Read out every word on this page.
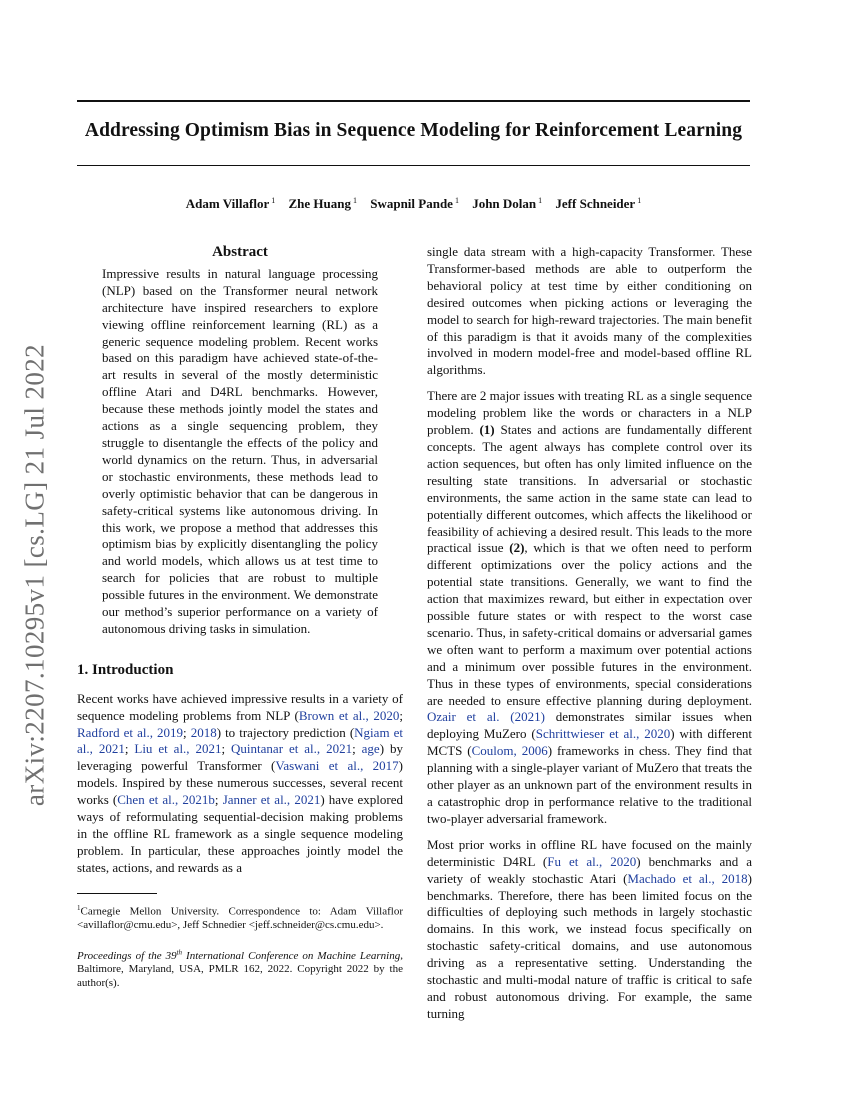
Addressing Optimism Bias in Sequence Modeling for Reinforcement Learning
Adam Villaflor $^1$ Zhe Huang $^1$ Swapnil Pande $^1$ John Dolan $^1$ Jeff Schneider $^1$
arXiv:2207.10295v1 [cs.LG] 21 Jul 2022
Abstract
Impressive results in natural language processing (NLP) based on the Transformer neural network architecture have inspired researchers to explore viewing offline reinforcement learning (RL) as a generic sequence modeling problem. Recent works based on this paradigm have achieved state-of-the-art results in several of the mostly deterministic offline Atari and D4RL benchmarks. However, because these methods jointly model the states and actions as a single sequencing problem, they struggle to disentangle the effects of the policy and world dynamics on the return. Thus, in adversarial or stochastic environments, these methods lead to overly optimistic behavior that can be dangerous in safety-critical systems like autonomous driving. In this work, we propose a method that addresses this optimism bias by explicitly disentangling the policy and world models, which allows us at test time to search for policies that are robust to multiple possible futures in the environment. We demonstrate our method’s superior performance on a variety of autonomous driving tasks in simulation.
1. Introduction

Recent works have achieved impressive results in a variety of sequence modeling problems from NLP (Brown et al., 2020; Radford et al., 2019; 2018) to trajectory prediction (Ngiam et al., 2021; Liu et al., 2021; Quintanar et al., 2021; age) by leveraging powerful Transformer (Vaswani et al., 2017) models. Inspired by these numerous successes, several recent works (Chen et al., 2021b; Janner et al., 2021) have explored ways of reformulating sequential-decision making problems in the offline RL framework as a single sequence modeling problem. In particular, these approaches jointly model the states, actions, and rewards as a

$^1$Carnegie Mellon University. Correspondence to: Adam Villaflor <avillaflor@cmu.edu>, Jeff Schnedier <jeff.schneider@cs.cmu.edu>.
Proceedings of the 39th International Conference on Machine Learning, Baltimore, Maryland, USA, PMLR 162, 2022. Copyright 2022 by the author(s).

single data stream with a high-capacity Transformer. These Transformer-based methods are able to outperform the behavioral policy at test time by either conditioning on desired outcomes when picking actions or leveraging the model to search for high-reward trajectories. The main benefit of this paradigm is that it avoids many of the complexities involved in modern model-free and model-based offline RL algorithms.

There are 2 major issues with treating RL as a single sequence modeling problem like the words or characters in a NLP problem. (1) States and actions are fundamentally different concepts. The agent always has complete control over its action sequences, but often has only limited influence on the resulting state transitions. In adversarial or stochastic environments, the same action in the same state can lead to potentially different outcomes, which affects the likelihood or feasibility of achieving a desired result. This leads to the more practical issue (2), which is that we often need to perform different optimizations over the policy actions and the potential state transitions. Generally, we want to find the action that maximizes reward, but either in expectation over possible future states or with respect to the worst case scenario. Thus, in safety-critical domains or adversarial games we often want to perform a maximum over potential actions and a minimum over possible futures in the environment. Thus in these types of environments, special considerations are needed to ensure effective planning during deployment. Ozair et al. (2021) demonstrates similar issues when deploying MuZero (Schrittwieser et al., 2020) with different MCTS (Coulom, 2006) frameworks in chess. They find that planning with a single-player variant of MuZero that treats the other player as an unknown part of the environment results in a catastrophic drop in performance relative to the traditional two-player adversarial framework.

Most prior works in offline RL have focused on the mainly deterministic D4RL (Fu et al., 2020) benchmarks and a variety of weakly stochastic Atari (Machado et al., 2018) benchmarks. Therefore, there has been limited focus on the difficulties of deploying such methods in largely stochastic domains. In this work, we instead focus specifically on stochastic safety-critical domains, and use autonomous driving as a representative setting. Understanding the stochastic and multi-modal nature of traffic is critical to safe and robust autonomous driving. For example, the same turning
